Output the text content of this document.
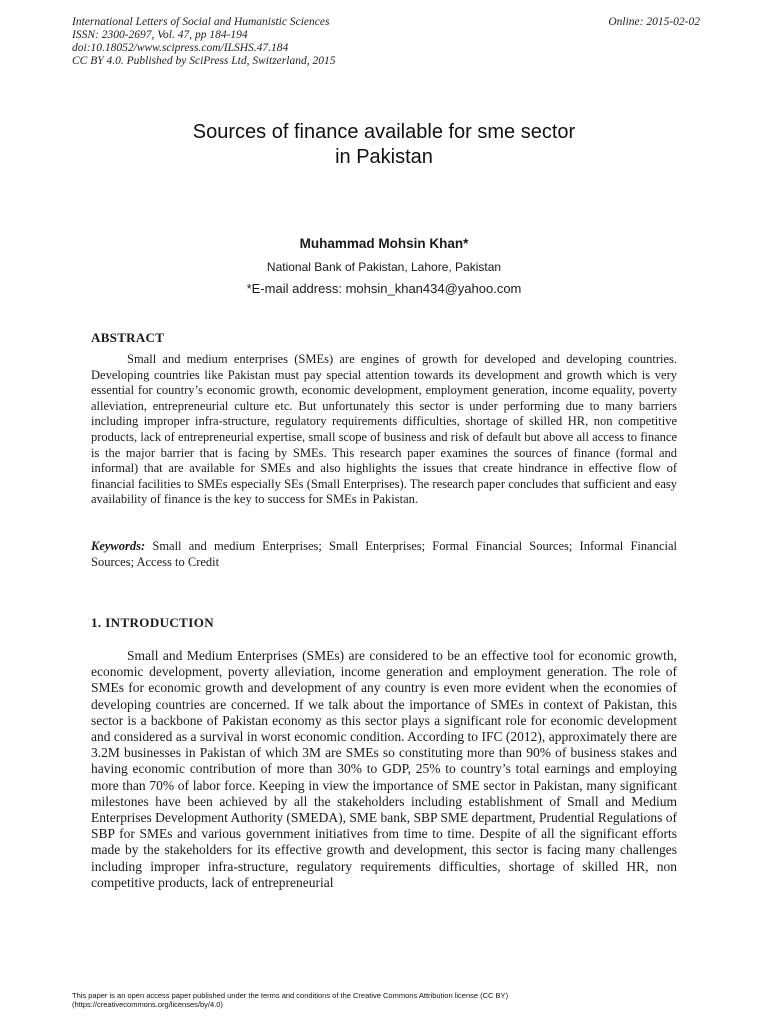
International Letters of Social and Humanistic Sciences
ISSN: 2300-2697, Vol. 47, pp 184-194
doi:10.18052/www.scipress.com/ILSHS.47.184
CC BY 4.0. Published by SciPress Ltd, Switzerland, 2015
Online: 2015-02-02
Sources of finance available for sme sector
in Pakistan
Muhammad Mohsin Khan*
National Bank of Pakistan, Lahore, Pakistan
*E-mail address: mohsin_khan434@yahoo.com
ABSTRACT

Small and medium enterprises (SMEs) are engines of growth for developed and developing countries. Developing countries like Pakistan must pay special attention towards its development and growth which is very essential for country’s economic growth, economic development, employment generation, income equality, poverty alleviation, entrepreneurial culture etc. But unfortunately this sector is under performing due to many barriers including improper infra-structure, regulatory requirements difficulties, shortage of skilled HR, non competitive products, lack of entrepreneurial expertise, small scope of business and risk of default but above all access to finance is the major barrier that is facing by SMEs. This research paper examines the sources of finance (formal and informal) that are available for SMEs and also highlights the issues that create hindrance in effective flow of financial facilities to SMEs especially SEs (Small Enterprises). The research paper concludes that sufficient and easy availability of finance is the key to success for SMEs in Pakistan.

Keywords: Small and medium Enterprises; Small Enterprises; Formal Financial Sources; Informal Financial Sources; Access to Credit

1. INTRODUCTION

Small and Medium Enterprises (SMEs) are considered to be an effective tool for economic growth, economic development, poverty alleviation, income generation and employment generation. The role of SMEs for economic growth and development of any country is even more evident when the economies of developing countries are concerned. If we talk about the importance of SMEs in context of Pakistan, this sector is a backbone of Pakistan economy as this sector plays a significant role for economic development and considered as a survival in worst economic condition. According to IFC (2012), approximately there are 3.2M businesses in Pakistan of which 3M are SMEs so constituting more than 90% of business stakes and having economic contribution of more than 30% to GDP, 25% to country’s total earnings and employing more than 70% of labor force. Keeping in view the importance of SME sector in Pakistan, many significant milestones have been achieved by all the stakeholders including establishment of Small and Medium Enterprises Development Authority (SMEDA), SME bank, SBP SME department, Prudential Regulations of SBP for SMEs and various government initiatives from time to time. Despite of all the significant efforts made by the stakeholders for its effective growth and development, this sector is facing many challenges including improper infra-structure, regulatory requirements difficulties, shortage of skilled HR, non competitive products, lack of entrepreneurial

This paper is an open access paper published under the terms and conditions of the Creative Commons Attribution license (CC BY)
(https://creativecommons.org/licenses/by/4.0)
